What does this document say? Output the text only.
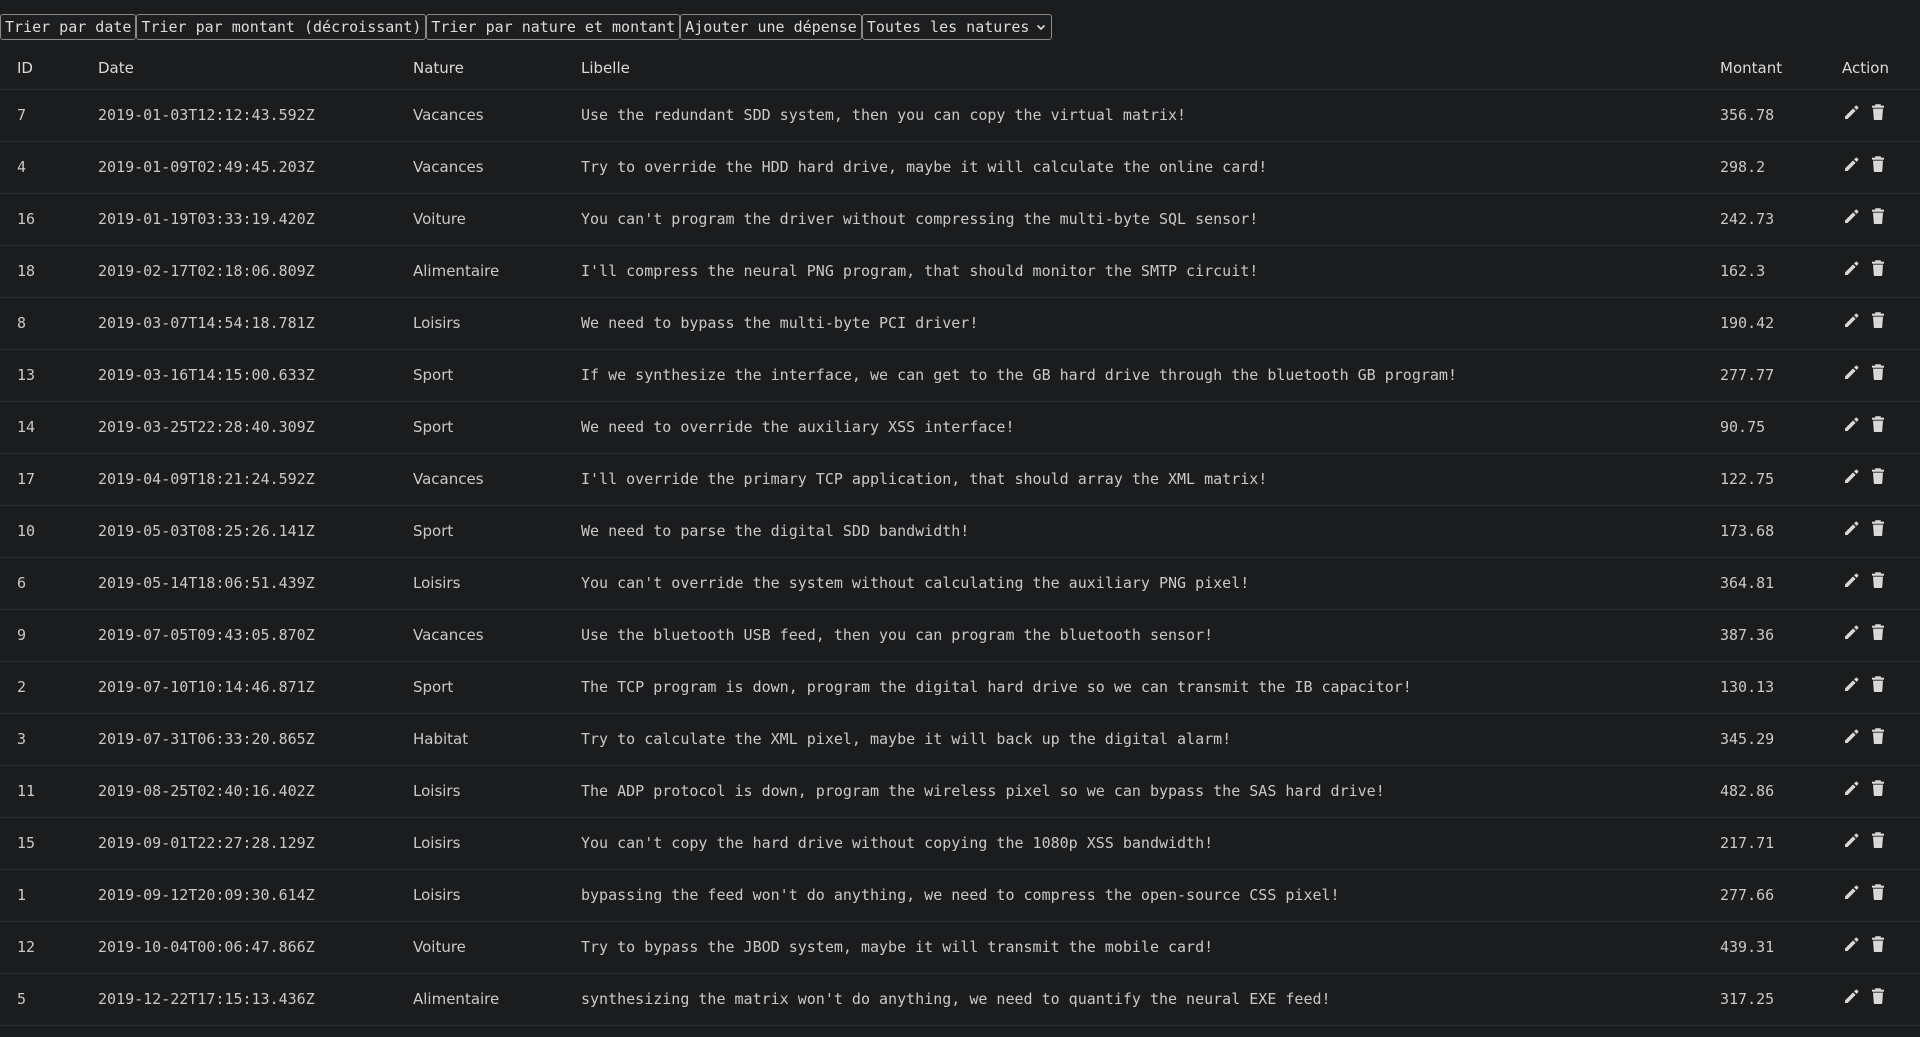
Trier par date Trier par montant (décroissant) Trier par nature et montant Ajouter une dépense Toutes les natures
ID	Date	Nature	Libelle	Montant	Action
7	2019-01-03T12:12:43.592Z	Vacances	Use the redundant SDD system, then you can copy the virtual matrix!	356.78	

4	2019-01-09T02:49:45.203Z	Vacances	Try to override the HDD hard drive, maybe it will calculate the online card!	298.2	

16	2019-01-19T03:33:19.420Z	Voiture	You can't program the driver without compressing the multi-byte SQL sensor!	242.73	

18	2019-02-17T02:18:06.809Z	Alimentaire	I'll compress the neural PNG program, that should monitor the SMTP circuit!	162.3	

8	2019-03-07T14:54:18.781Z	Loisirs	We need to bypass the multi-byte PCI driver!	190.42	

13	2019-03-16T14:15:00.633Z	Sport	If we synthesize the interface, we can get to the GB hard drive through the bluetooth GB program!	277.77	

14	2019-03-25T22:28:40.309Z	Sport	We need to override the auxiliary XSS interface!	90.75	

17	2019-04-09T18:21:24.592Z	Vacances	I'll override the primary TCP application, that should array the XML matrix!	122.75	

10	2019-05-03T08:25:26.141Z	Sport	We need to parse the digital SDD bandwidth!	173.68	

6	2019-05-14T18:06:51.439Z	Loisirs	You can't override the system without calculating the auxiliary PNG pixel!	364.81	

9	2019-07-05T09:43:05.870Z	Vacances	Use the bluetooth USB feed, then you can program the bluetooth sensor!	387.36	

2	2019-07-10T10:14:46.871Z	Sport	The TCP program is down, program the digital hard drive so we can transmit the IB capacitor!	130.13	

3	2019-07-31T06:33:20.865Z	Habitat	Try to calculate the XML pixel, maybe it will back up the digital alarm!	345.29	

11	2019-08-25T02:40:16.402Z	Loisirs	The ADP protocol is down, program the wireless pixel so we can bypass the SAS hard drive!	482.86	

15	2019-09-01T22:27:28.129Z	Loisirs	You can't copy the hard drive without copying the 1080p XSS bandwidth!	217.71	

1	2019-09-12T20:09:30.614Z	Loisirs	bypassing the feed won't do anything, we need to compress the open-source CSS pixel!	277.66	

12	2019-10-04T00:06:47.866Z	Voiture	Try to bypass the JBOD system, maybe it will transmit the mobile card!	439.31	

5	2019-12-22T17:15:13.436Z	Alimentaire	synthesizing the matrix won't do anything, we need to quantify the neural EXE feed!	317.25	
